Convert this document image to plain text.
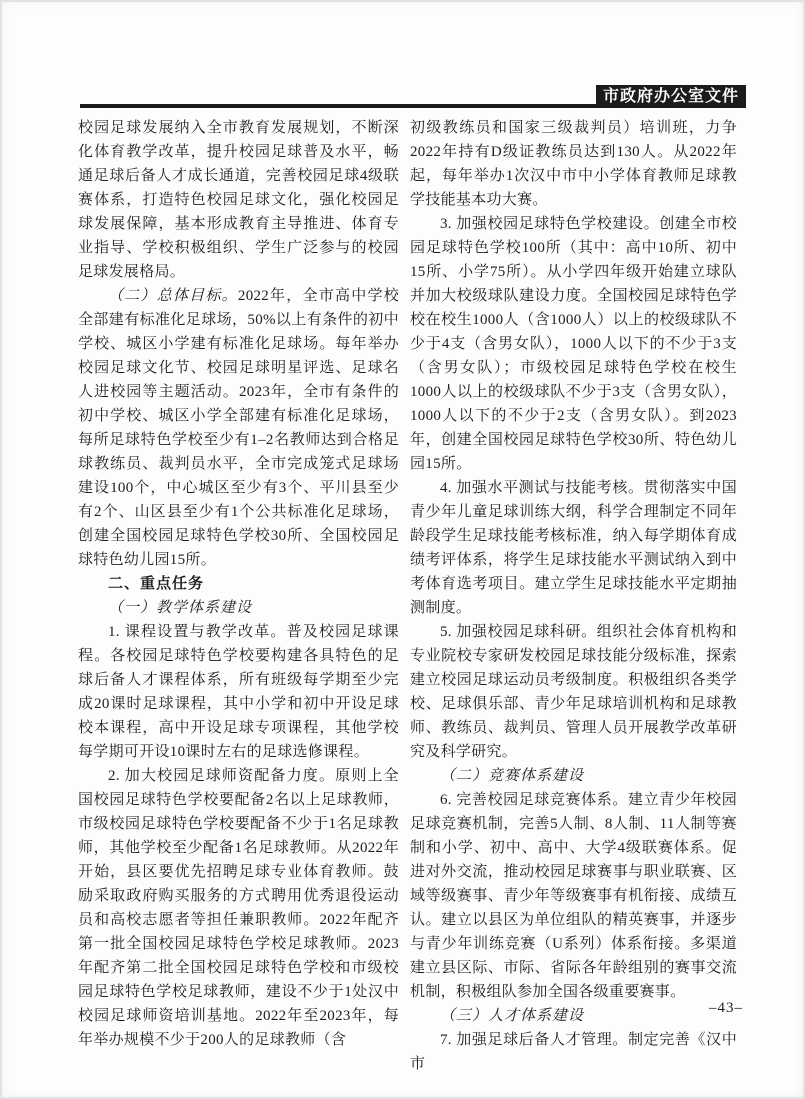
市政府办公室文件

校园足球发展纳入全市教育发展规划，不断深化体育教学改革，提升校园足球普及水平，畅通足球后备人才成长通道，完善校园足球4级联赛体系，打造特色校园足球文化，强化校园足球发展保障，基本形成教育主导推进、体育专业指导、学校积极组织、学生广泛参与的校园足球发展格局。

（二）总体目标。2022年，全市高中学校全部建有标准化足球场，50%以上有条件的初中学校、城区小学建有标准化足球场。每年举办校园足球文化节、校园足球明星评选、足球名人进校园等主题活动。2023年，全市有条件的初中学校、城区小学全部建有标准化足球场，每所足球特色学校至少有1–2名教师达到合格足球教练员、裁判员水平，全市完成笼式足球场建设100个，中心城区至少有3个、平川县至少有2个、山区县至少有1个公共标准化足球场，创建全国校园足球特色学校30所、全国校园足球特色幼儿园15所。

二、重点任务

（一）教学体系建设

1. 课程设置与教学改革。普及校园足球课程。各校园足球特色学校要构建各具特色的足球后备人才课程体系，所有班级每学期至少完成20课时足球课程，其中小学和初中开设足球校本课程，高中开设足球专项课程，其他学校每学期可开设10课时左右的足球选修课程。

2. 加大校园足球师资配备力度。原则上全国校园足球特色学校要配备2名以上足球教师，市级校园足球特色学校要配备不少于1名足球教师，其他学校至少配备1名足球教师。从2022年开始，县区要优先招聘足球专业体育教师。鼓励采取政府购买服务的方式聘用优秀退役运动员和高校志愿者等担任兼职教师。2022年配齐第一批全国校园足球特色学校足球教师。2023年配齐第二批全国校园足球特色学校和市级校园足球特色学校足球教师，建设不少于1处汉中校园足球师资培训基地。2022年至2023年，每年举办规模不少于200人的足球教师（含

初级教练员和国家三级裁判员）培训班，力争2022年持有D级证教练员达到130人。从2022年起，每年举办1次汉中市中小学体育教师足球教学技能基本功大赛。

3. 加强校园足球特色学校建设。创建全市校园足球特色学校100所（其中：高中10所、初中15所、小学75所）。从小学四年级开始建立球队并加大校级球队建设力度。全国校园足球特色学校在校生1000人（含1000人）以上的校级球队不少于4支（含男女队），1000人以下的不少于3支（含男女队）；市级校园足球特色学校在校生1000人以上的校级球队不少于3支（含男女队），1000人以下的不少于2支（含男女队）。到2023年，创建全国校园足球特色学校30所、特色幼儿园15所。

4. 加强水平测试与技能考核。贯彻落实中国青少年儿童足球训练大纲，科学合理制定不同年龄段学生足球技能考核标准，纳入每学期体育成绩考评体系，将学生足球技能水平测试纳入到中考体育选考项目。建立学生足球技能水平定期抽测制度。

5. 加强校园足球科研。组织社会体育机构和专业院校专家研发校园足球技能分级标准，探索建立校园足球运动员考级制度。积极组织各类学校、足球俱乐部、青少年足球培训机构和足球教师、教练员、裁判员、管理人员开展教学改革研究及科学研究。

（二）竞赛体系建设

6. 完善校园足球竞赛体系。建立青少年校园足球竞赛机制，完善5人制、8人制、11人制等赛制和小学、初中、高中、大学4级联赛体系。促进对外交流，推动校园足球赛事与职业联赛、区域等级赛事、青少年等级赛事有机衔接、成绩互认。建立以县区为单位组队的精英赛事，并逐步与青少年训练竞赛（U系列）体系衔接。多渠道建立县区际、市际、省际各年龄组别的赛事交流机制，积极组队参加全国各级重要赛事。

（三）人才体系建设

7. 加强足球后备人才管理。制定完善《汉中市

–43–
